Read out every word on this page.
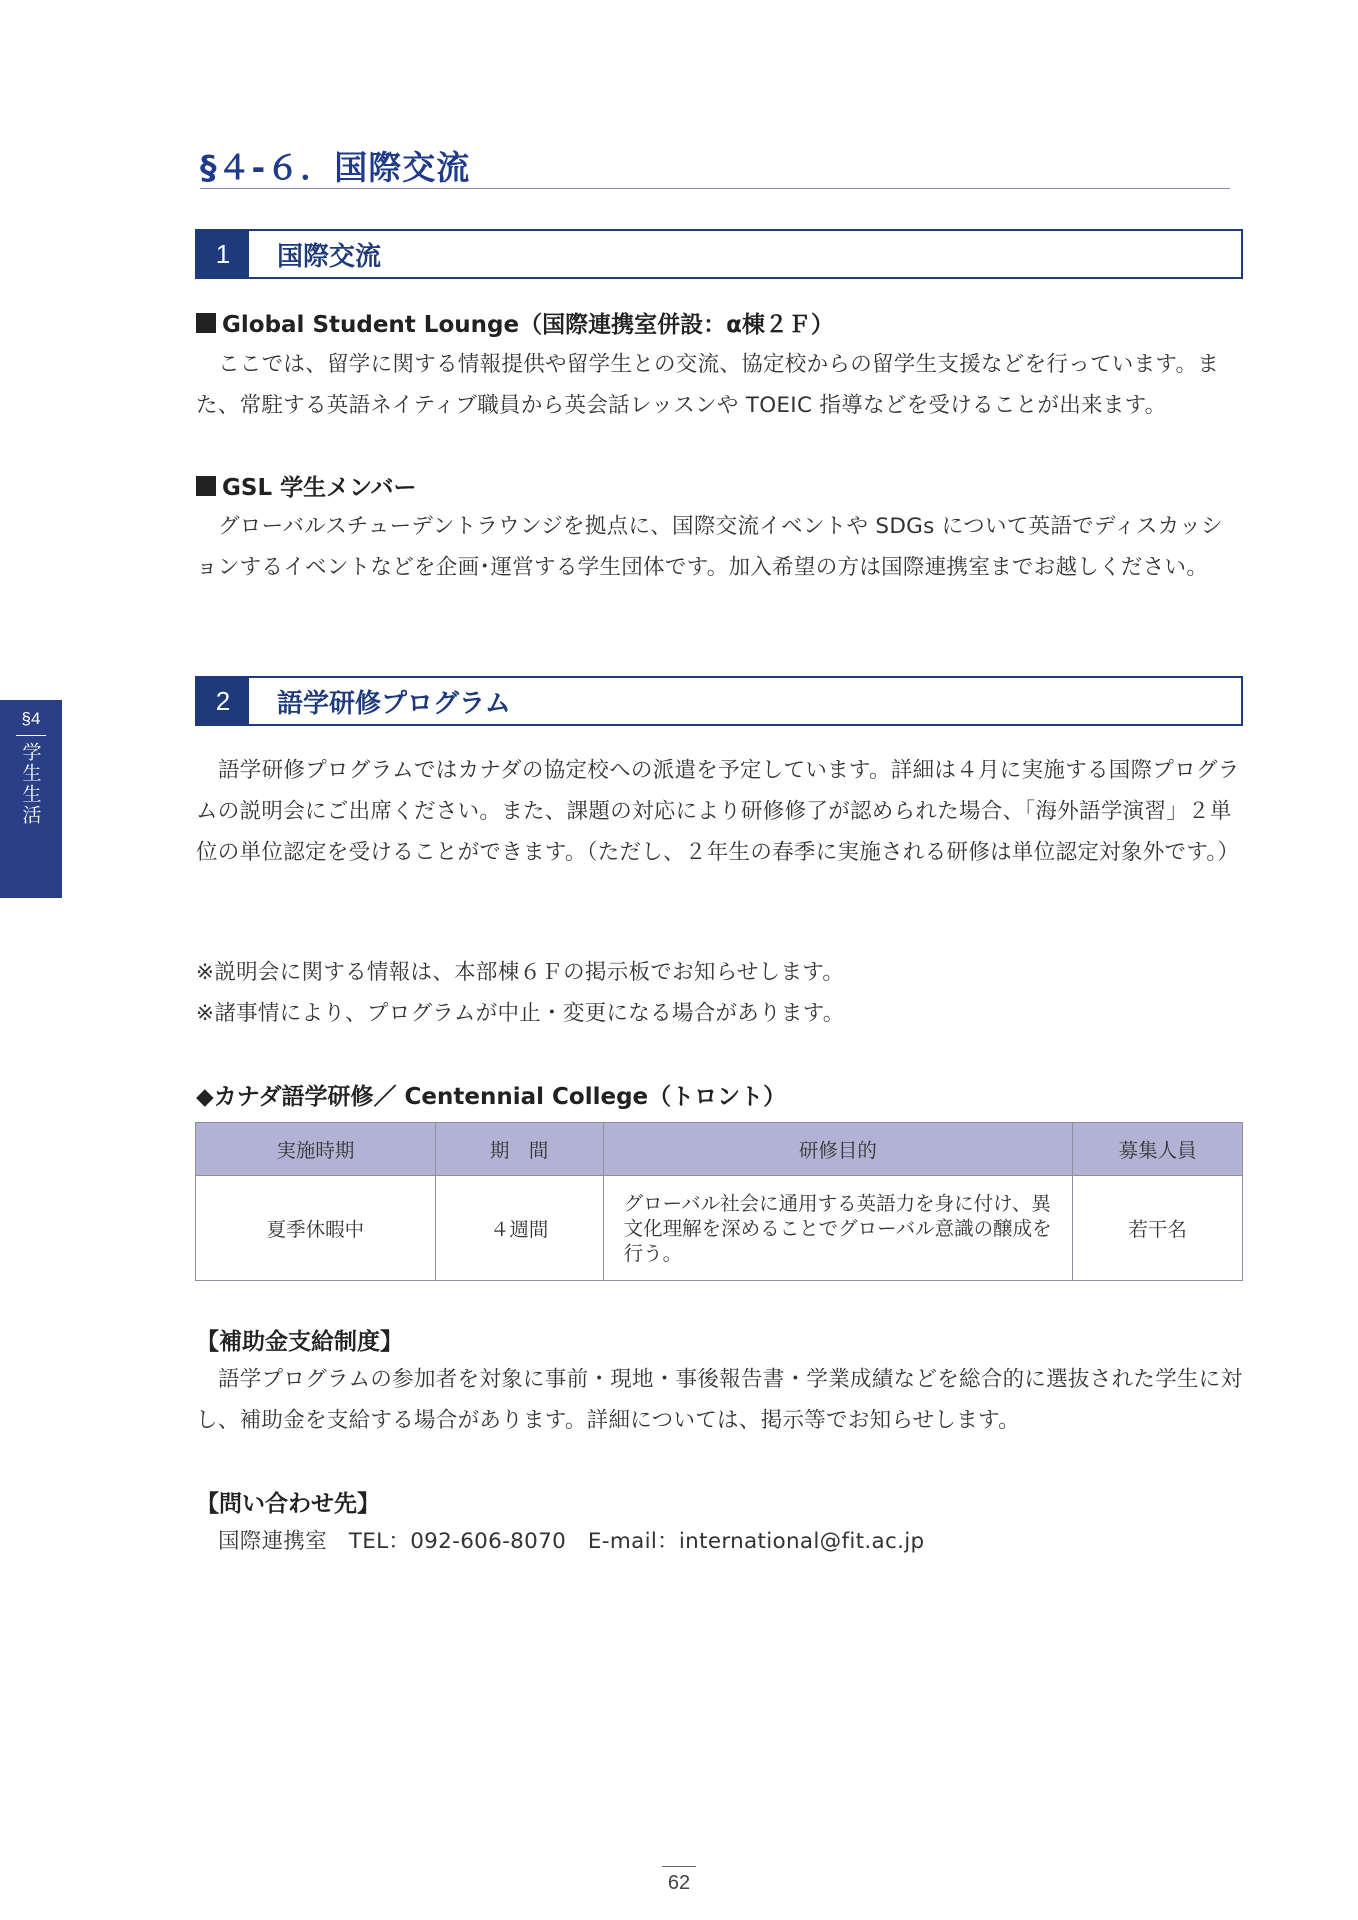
§４-６．国際交流
§4
学生生活
1	国際交流
Global Student Lounge（国際連携室併設：α棟２Ｆ）

ここでは、留学に関する情報提供や留学生との交流、協定校からの留学生支援などを行っています。また、常駐する英語ネイティブ職員から英会話レッスンや TOEIC 指導などを受けることが出来ます。

GSL 学生メンバー

グローバルスチューデントラウンジを拠点に、国際交流イベントや SDGs について英語でディスカッションするイベントなどを企画･運営する学生団体です。加入希望の方は国際連携室までお越しください。

2	語学研修プログラム

語学研修プログラムではカナダの協定校への派遣を予定しています。詳細は４月に実施する国際プログラムの説明会にご出席ください。また、課題の対応により研修修了が認められた場合、「海外語学演習」２単位の単位認定を受けることができます。（ただし、２年生の春季に実施される研修は単位認定対象外です。）

※説明会に関する情報は、本部棟６Ｆの掲示板でお知らせします。

※諸事情により、プログラムが中止・変更になる場合があります。

◆カナダ語学研修／ Centennial College（トロント）
実施時期	期　間	研修目的	募集人員
夏季休暇中	４週間	グローバル社会に通用する英語力を身に付け、異文化理解を深めることでグローバル意識の醸成を行う。	若干名
【補助金支給制度】

語学プログラムの参加者を対象に事前・現地・事後報告書・学業成績などを総合的に選抜された学生に対し、補助金を支給する場合があります。詳細については、掲示等でお知らせします。

【問い合わせ先】

国際連携室　TEL：092-606-8070　E-mail：international@fit.ac.jp

62
